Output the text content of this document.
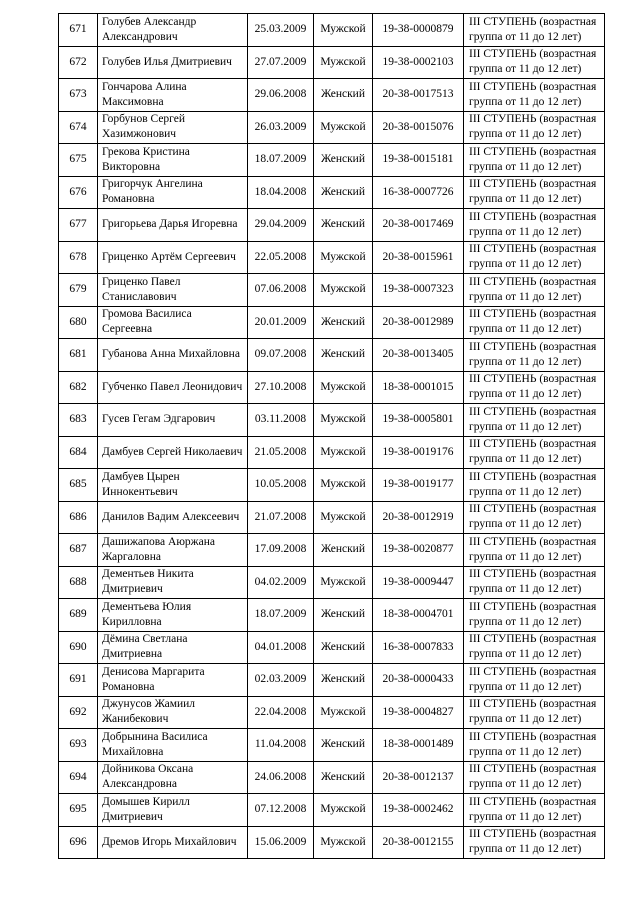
671	Голубев Александр Александрович	25.03.2009	Мужской	19-38-0000879	III СТУПЕНЬ (возрастная группа от 11 до 12 лет)
672	Голубев Илья Дмитриевич	27.07.2009	Мужской	19-38-0002103	III СТУПЕНЬ (возрастная группа от 11 до 12 лет)
673	Гончарова Алина Максимовна	29.06.2008	Женский	20-38-0017513	III СТУПЕНЬ (возрастная группа от 11 до 12 лет)
674	Горбунов Сергей Хазимжонович	26.03.2009	Мужской	20-38-0015076	III СТУПЕНЬ (возрастная группа от 11 до 12 лет)
675	Грекова Кристина Викторовна	18.07.2009	Женский	19-38-0015181	III СТУПЕНЬ (возрастная группа от 11 до 12 лет)
676	Григорчук Ангелина Романовна	18.04.2008	Женский	16-38-0007726	III СТУПЕНЬ (возрастная группа от 11 до 12 лет)
677	Григорьева Дарья Игоревна	29.04.2009	Женский	20-38-0017469	III СТУПЕНЬ (возрастная группа от 11 до 12 лет)
678	Гриценко Артём Сергеевич	22.05.2008	Мужской	20-38-0015961	III СТУПЕНЬ (возрастная группа от 11 до 12 лет)
679	Гриценко Павел Станиславович	07.06.2008	Мужской	19-38-0007323	III СТУПЕНЬ (возрастная группа от 11 до 12 лет)
680	Громова Василиса Сергеевна	20.01.2009	Женский	20-38-0012989	III СТУПЕНЬ (возрастная группа от 11 до 12 лет)
681	Губанова Анна Михайловна	09.07.2008	Женский	20-38-0013405	III СТУПЕНЬ (возрастная группа от 11 до 12 лет)
682	Губченко Павел Леонидович	27.10.2008	Мужской	18-38-0001015	III СТУПЕНЬ (возрастная группа от 11 до 12 лет)
683	Гусев Гегам Эдгарович	03.11.2008	Мужской	19-38-0005801	III СТУПЕНЬ (возрастная группа от 11 до 12 лет)
684	Дамбуев Сергей Николаевич	21.05.2008	Мужской	19-38-0019176	III СТУПЕНЬ (возрастная группа от 11 до 12 лет)
685	Дамбуев Цырен Иннокентьевич	10.05.2008	Мужской	19-38-0019177	III СТУПЕНЬ (возрастная группа от 11 до 12 лет)
686	Данилов Вадим Алексеевич	21.07.2008	Мужской	20-38-0012919	III СТУПЕНЬ (возрастная группа от 11 до 12 лет)
687	Дашижапова Аюржана Жаргаловна	17.09.2008	Женский	19-38-0020877	III СТУПЕНЬ (возрастная группа от 11 до 12 лет)
688	Дементьев Никита Дмитриевич	04.02.2009	Мужской	19-38-0009447	III СТУПЕНЬ (возрастная группа от 11 до 12 лет)
689	Дементьева Юлия Кирилловна	18.07.2009	Женский	18-38-0004701	III СТУПЕНЬ (возрастная группа от 11 до 12 лет)
690	Дёмина Светлана Дмитриевна	04.01.2008	Женский	16-38-0007833	III СТУПЕНЬ (возрастная группа от 11 до 12 лет)
691	Денисова Маргарита Романовна	02.03.2009	Женский	20-38-0000433	III СТУПЕНЬ (возрастная группа от 11 до 12 лет)
692	Джунусов Жамиил Жанибекович	22.04.2008	Мужской	19-38-0004827	III СТУПЕНЬ (возрастная группа от 11 до 12 лет)
693	Добрынина Василиса Михайловна	11.04.2008	Женский	18-38-0001489	III СТУПЕНЬ (возрастная группа от 11 до 12 лет)
694	Дойникова Оксана Александровна	24.06.2008	Женский	20-38-0012137	III СТУПЕНЬ (возрастная группа от 11 до 12 лет)
695	Домышев Кирилл Дмитриевич	07.12.2008	Мужской	19-38-0002462	III СТУПЕНЬ (возрастная группа от 11 до 12 лет)
696	Дремов Игорь Михайлович	15.06.2009	Мужской	20-38-0012155	III СТУПЕНЬ (возрастная группа от 11 до 12 лет)
